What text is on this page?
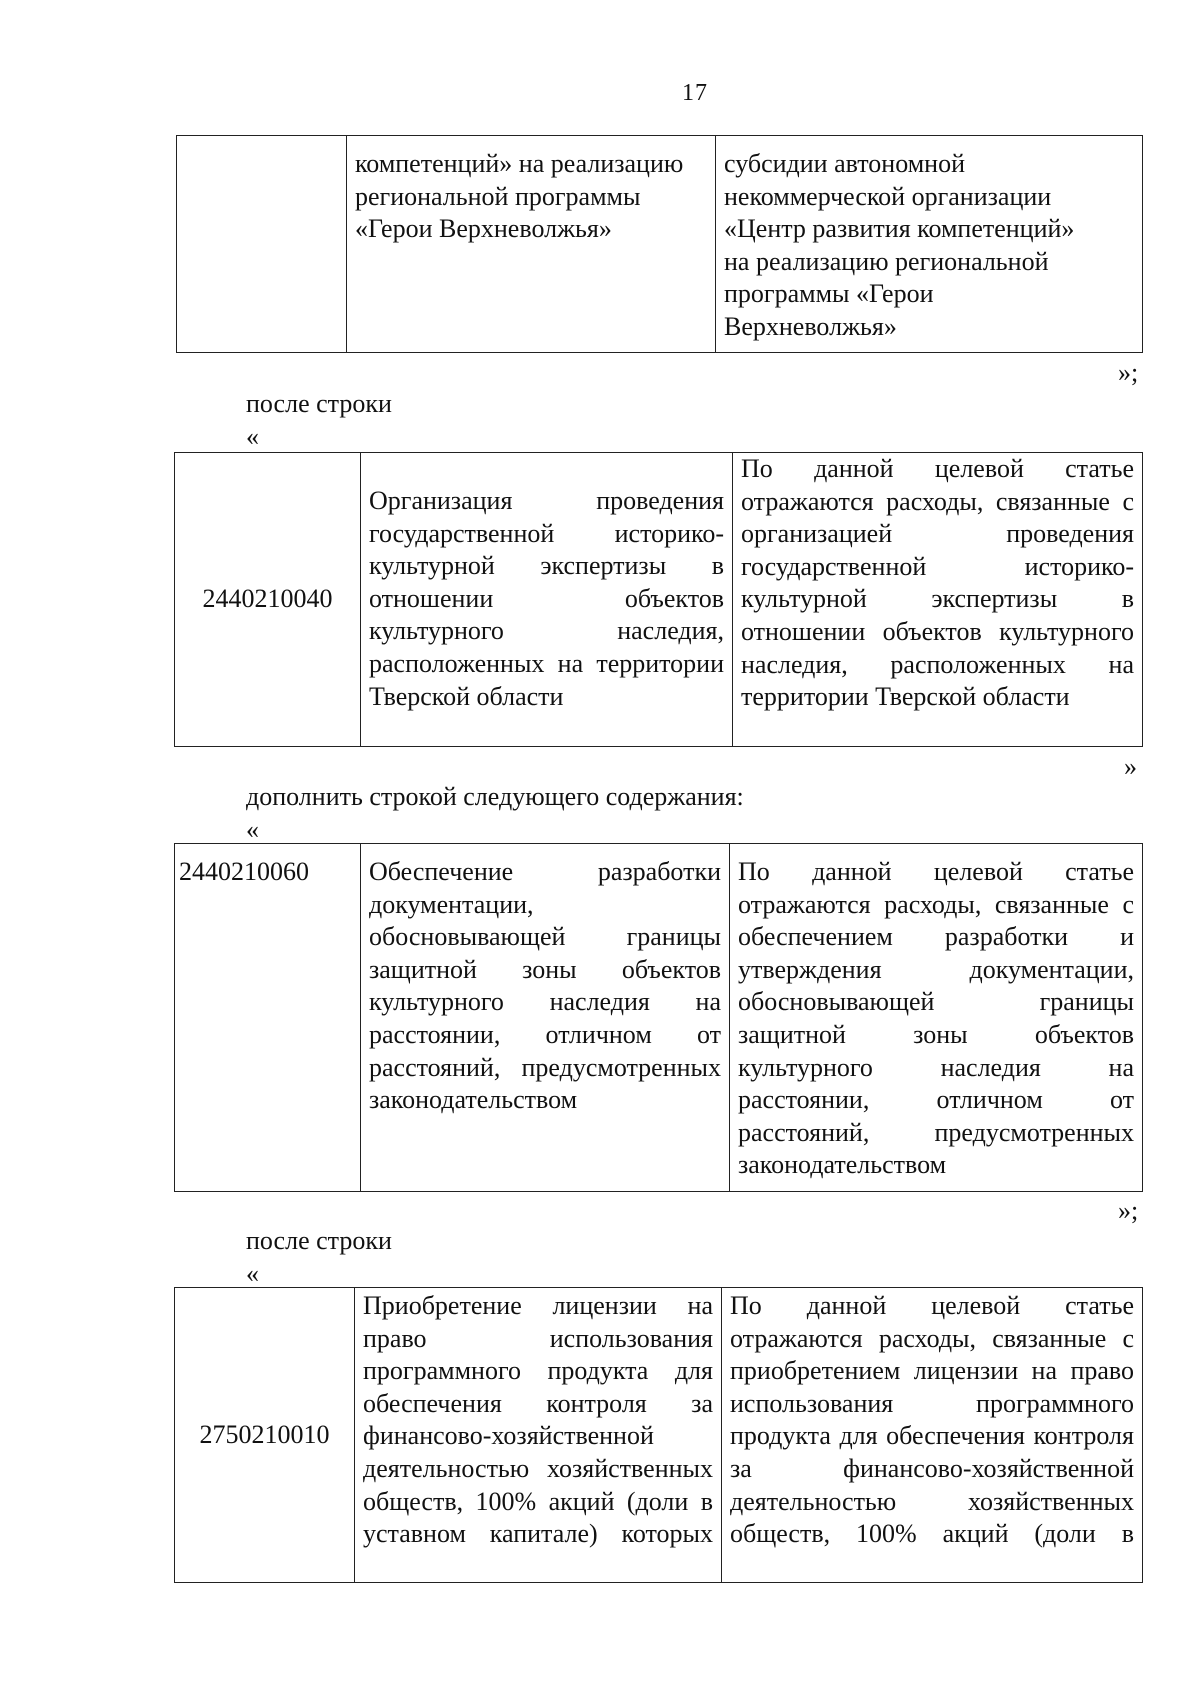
17
	компетенций» на реализацию
региональной программы
«Герои Верхневолжья»	субсидии автономной
некоммерческой организации
«Центр развития компетенций»
на реализацию региональной
программы «Герои
Верхневолжья»
»;
после строки
«
2440210040	Организация проведения государственной историко-культурной экспертизы в отношении объектов культурного наследия, расположенных на территории Тверской области	По данной целевой статье отражаются расходы, связанные с организацией проведения государственной историко-культурной экспертизы в отношении объектов культурного наследия, расположенных на территории Тверской области
»
дополнить строкой следующего содержания:
«
2440210060	Обеспечение разработки документации, обосновывающей границы защитной зоны объектов культурного наследия на расстоянии, отличном от расстояний, предусмотренных законодательством	По данной целевой статье отражаются расходы, связанные с обеспечением разработки и утверждения документации, обосновывающей границы защитной зоны объектов культурного наследия на расстоянии, отличном от расстояний, предусмотренных законодательством
»;
после строки
«
2750210010	Приобретение лицензии на право использования программного продукта для обеспечения контроля за финансово-хозяйственной деятельностью хозяйственных обществ, 100% акций (доли в уставном капитале) которых	По данной целевой статье отражаются расходы, связанные с приобретением лицензии на право использования программного продукта для обеспечения контроля за финансово-хозяйственной деятельностью хозяйственных обществ, 100% акций (доли в
